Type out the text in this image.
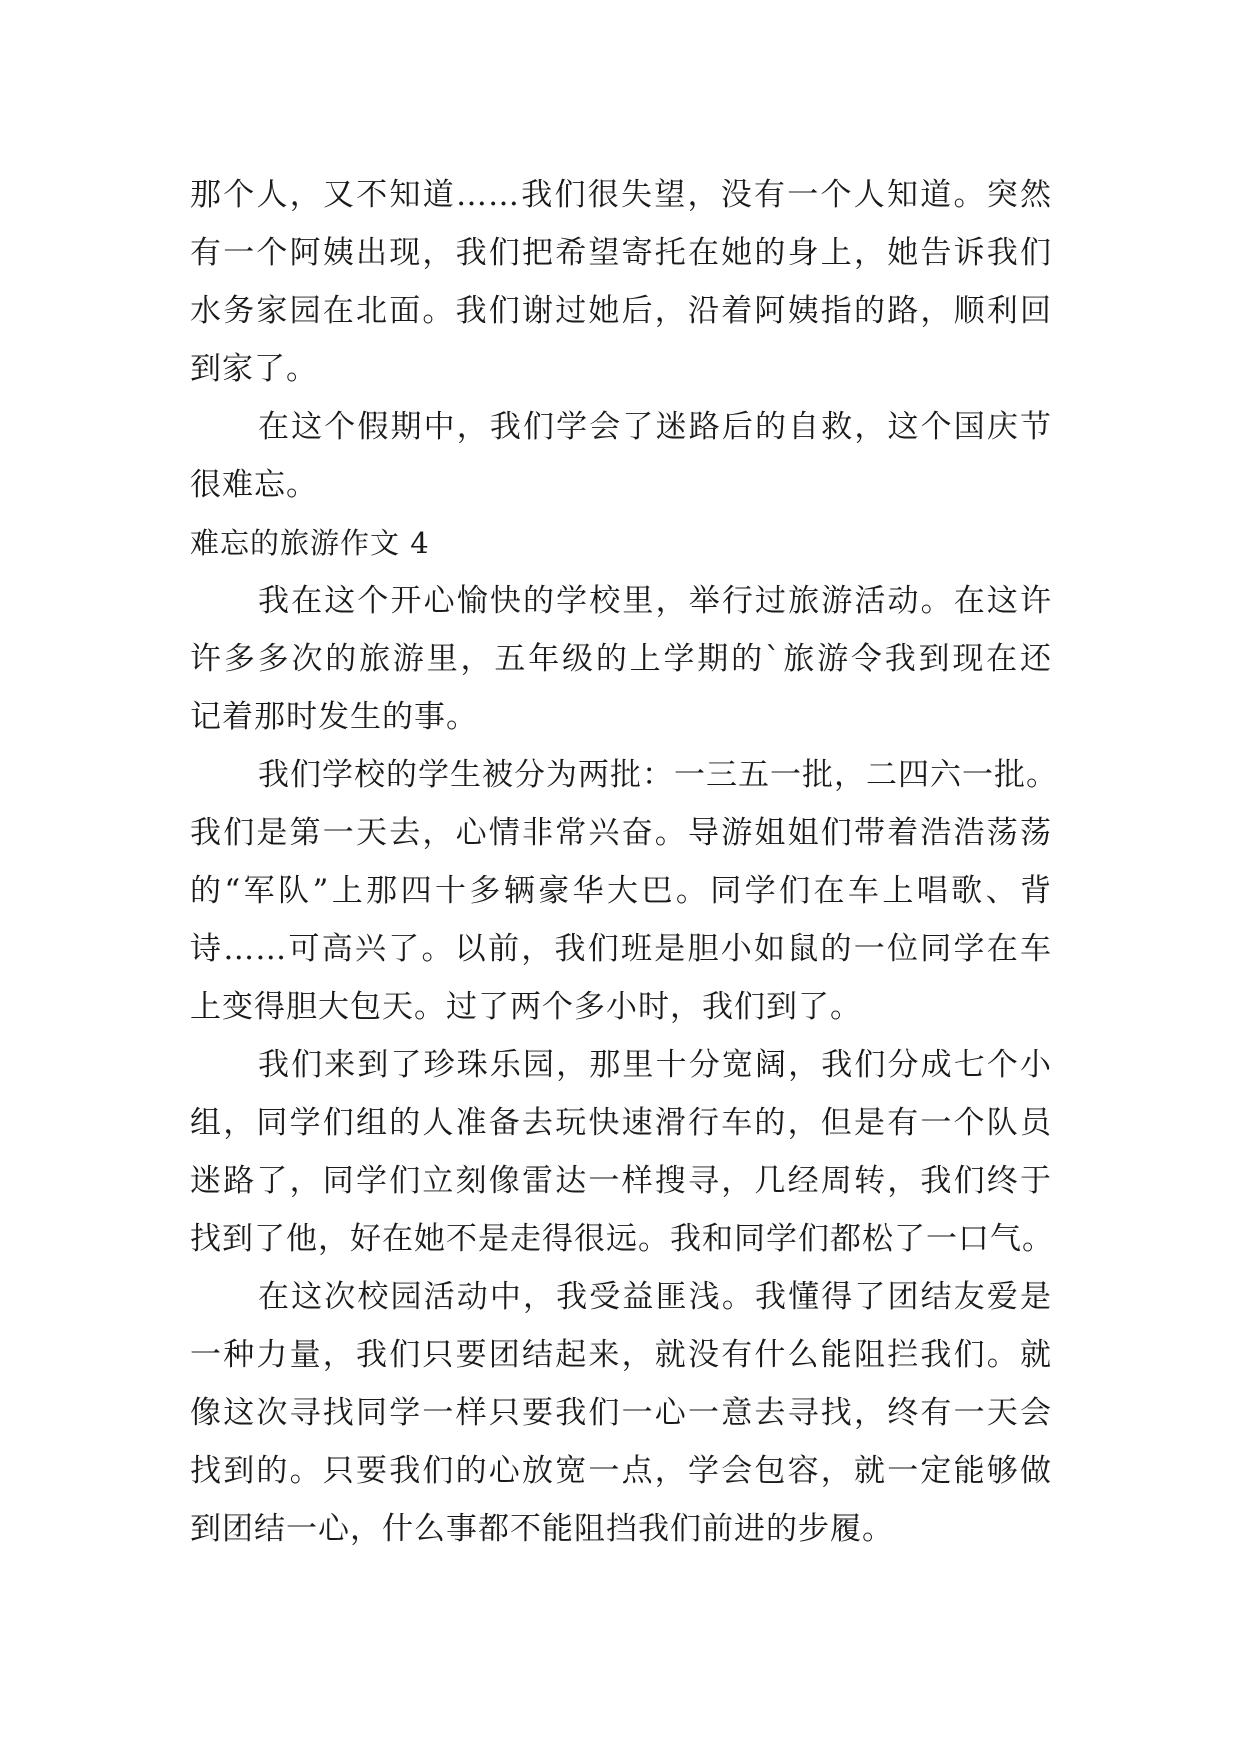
那个人，又不知道……我们很失望，没有一个人知道。突然
有一个阿姨出现，我们把希望寄托在她的身上，她告诉我们
水务家园在北面。我们谢过她后，沿着阿姨指的路，顺利回
到家了。
在这个假期中，我们学会了迷路后的自救，这个国庆节
很难忘。
难忘的旅游作文 4
我在这个开心愉快的学校里，举行过旅游活动。在这许
许多多次的旅游里，五年级的上学期的`旅游令我到现在还
记着那时发生的事。
我们学校的学生被分为两批：一三五一批，二四六一批。
我们是第一天去，心情非常兴奋。导游姐姐们带着浩浩荡荡
的“军队”上那四十多辆豪华大巴。同学们在车上唱歌、背
诗……可高兴了。以前，我们班是胆小如鼠的一位同学在车
上变得胆大包天。过了两个多小时，我们到了。
我们来到了珍珠乐园，那里十分宽阔，我们分成七个小
组，同学们组的人准备去玩快速滑行车的，但是有一个队员
迷路了，同学们立刻像雷达一样搜寻，几经周转，我们终于
找到了他，好在她不是走得很远。我和同学们都松了一口气。
在这次校园活动中，我受益匪浅。我懂得了团结友爱是
一种力量，我们只要团结起来，就没有什么能阻拦我们。就
像这次寻找同学一样只要我们一心一意去寻找，终有一天会
找到的。只要我们的心放宽一点，学会包容，就一定能够做
到团结一心，什么事都不能阻挡我们前进的步履。
